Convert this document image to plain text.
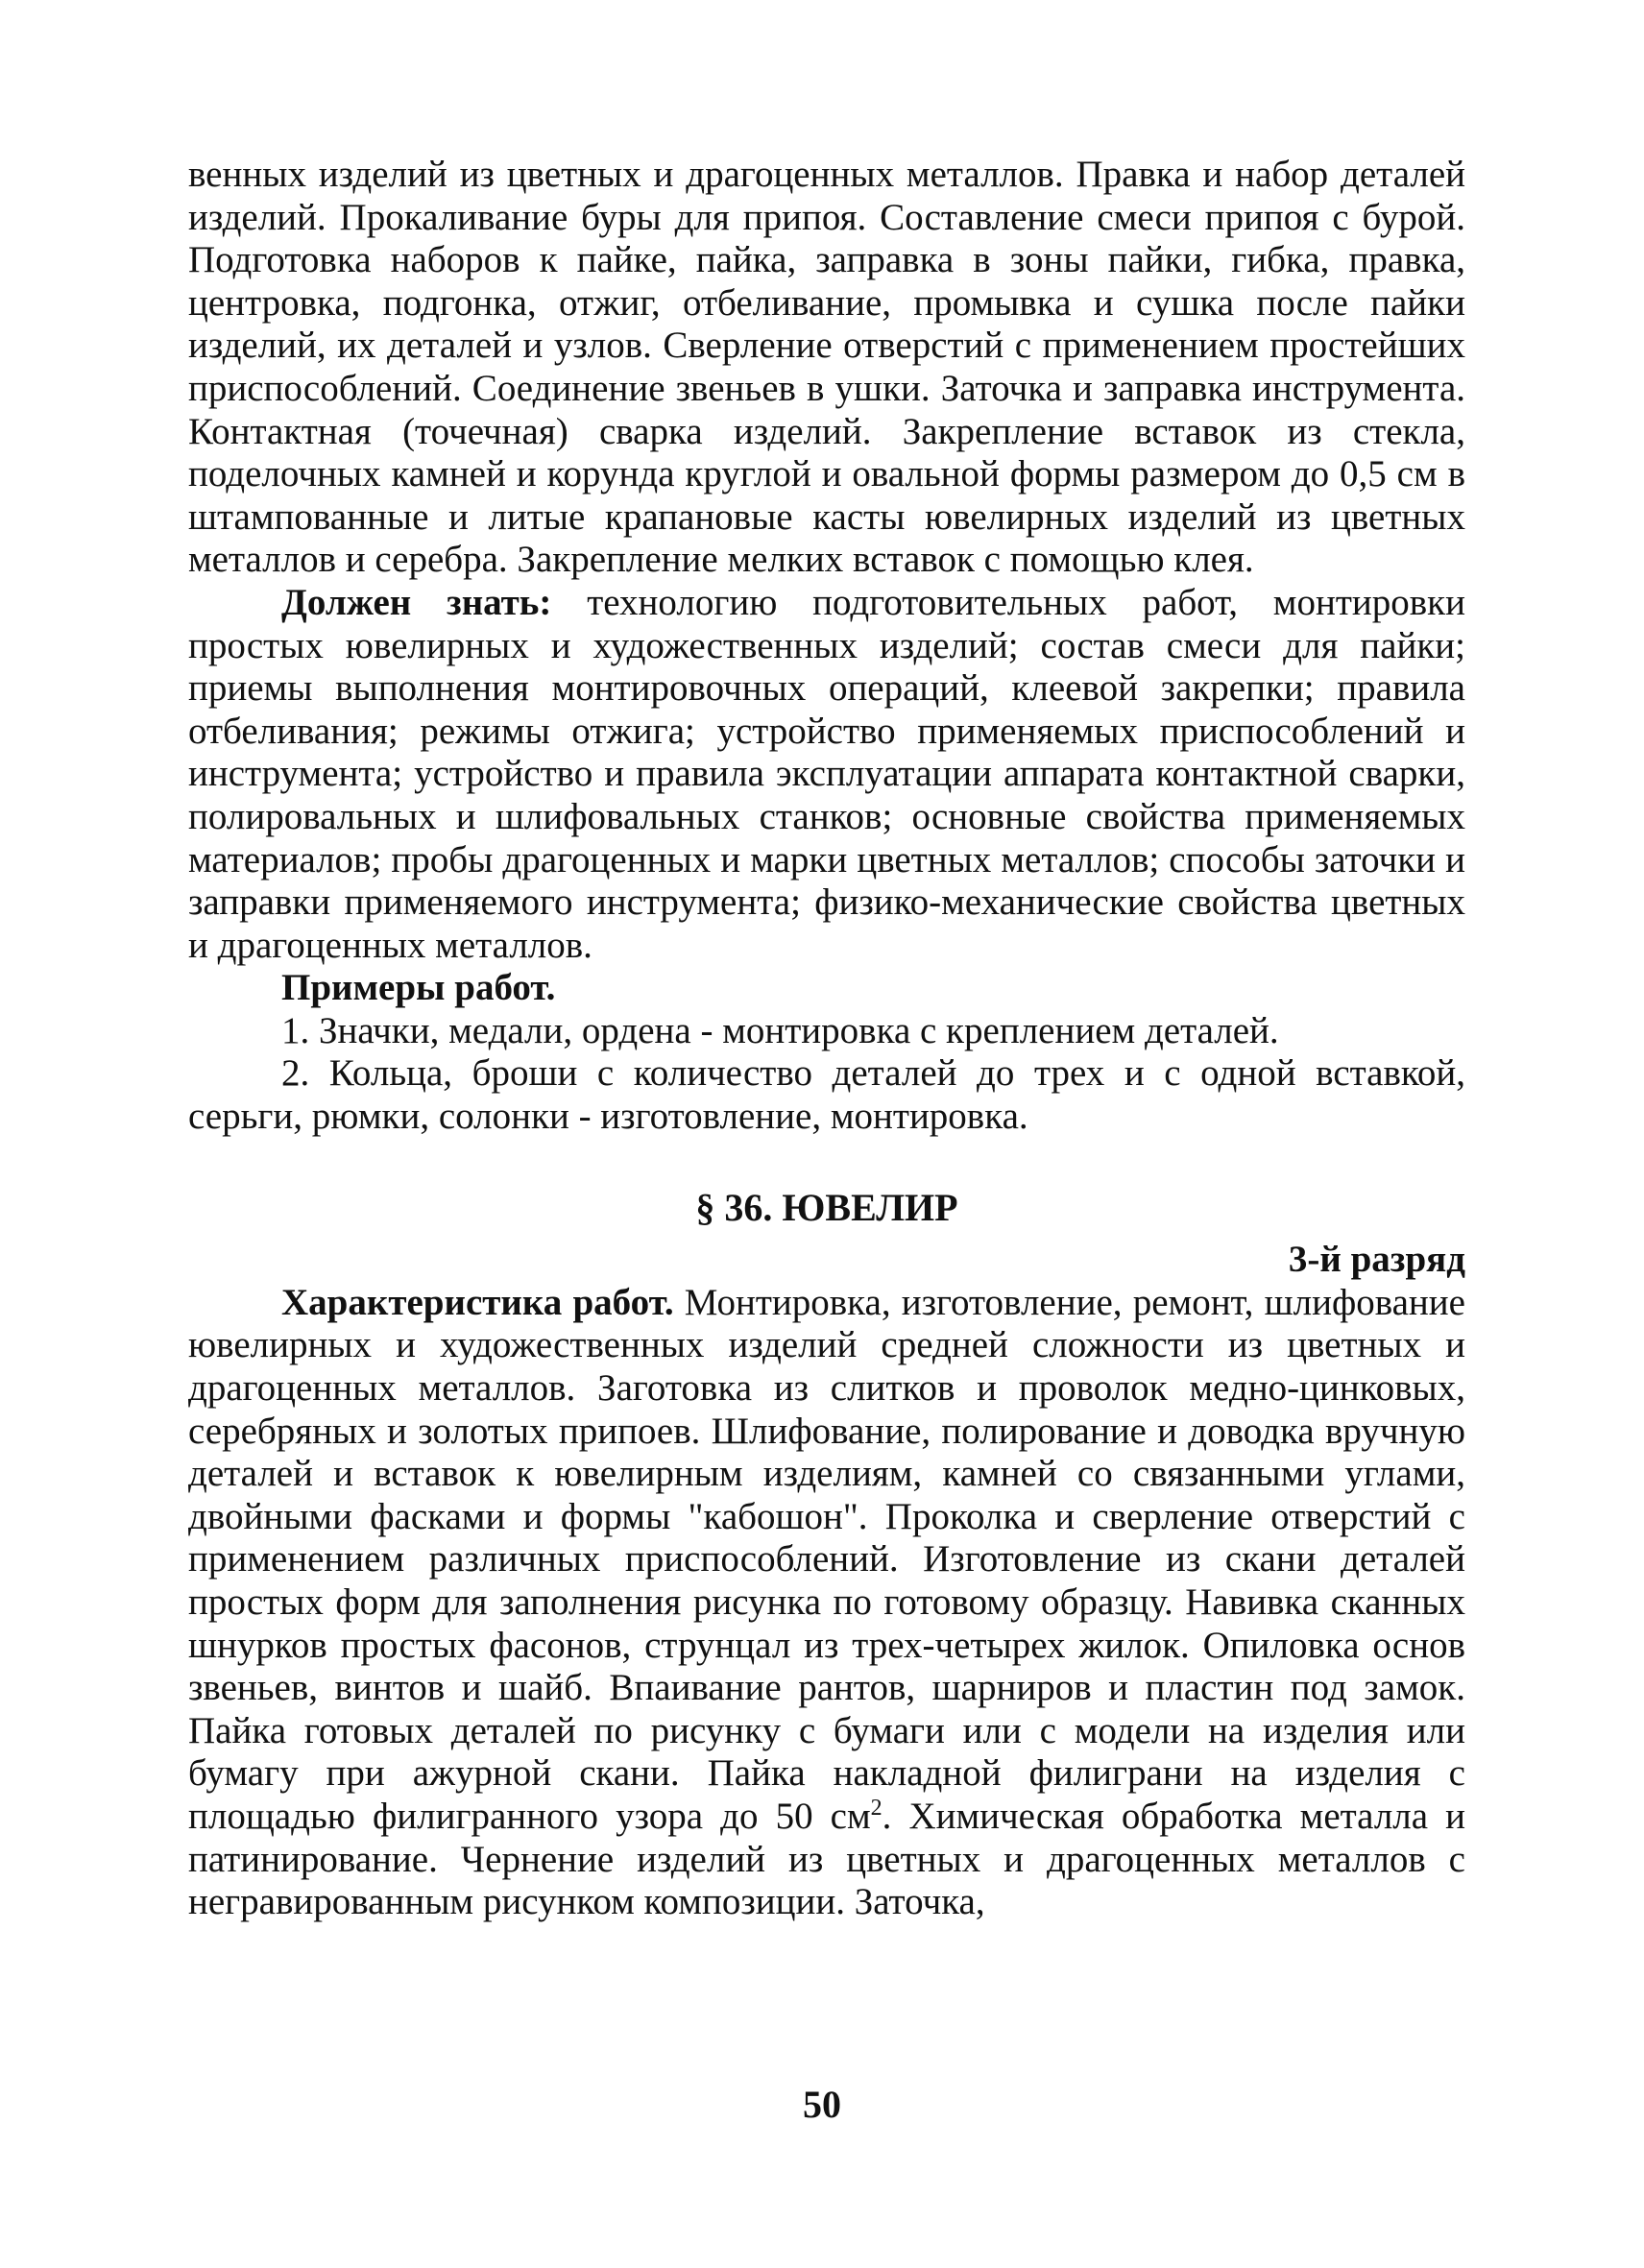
венных изделий из цветных и драгоценных металлов. Правка и набор деталей изделий. Прокаливание буры для припоя. Составление смеси припоя с бурой. Подготовка наборов к пайке, пайка, заправка в зоны пайки, гибка, правка, центровка, подгонка, отжиг, отбеливание, промывка и сушка после пайки изделий, их деталей и узлов. Сверление отверстий с применением простейших приспособлений. Соединение звеньев в ушки. Заточка и заправка инструмента. Контактная (точечная) сварка изделий. Закрепление вставок из стекла, поделочных камней и корунда круглой и овальной формы размером до 0,5 см в штампованные и литые крапановые касты ювелирных изделий из цветных металлов и серебра. Закрепление мелких вставок с помощью клея.

Должен знать: технологию подготовительных работ, монтировки простых ювелирных и художественных изделий; состав смеси для пайки; приемы выполнения монтировочных операций, клеевой закрепки; правила отбеливания; режимы отжига; устройство применяемых приспособлений и инструмента; устройство и правила эксплуатации аппарата контактной сварки, полировальных и шлифовальных станков; основные свойства применяемых материалов; пробы драгоценных и марки цветных металлов; способы заточки и заправки применяемого инструмента; физико-механические свойства цветных и драгоценных металлов.

Примеры работ.

1. Значки, медали, ордена - монтировка с креплением деталей.

2. Кольца, броши с количество деталей до трех и с одной вставкой, серьги, рюмки, солонки - изготовление, монтировка.

§ 36. ЮВЕЛИР

3-й разряд

Характеристика работ. Монтировка, изготовление, ремонт, шлифование ювелирных и художественных изделий средней сложности из цветных и драгоценных металлов. Заготовка из слитков и проволок медно-цинковых, серебряных и золотых припоев. Шлифование, полирование и доводка вручную деталей и вставок к ювелирным изделиям, камней со связанными углами, двойными фасками и формы "кабошон". Проколка и сверление отверстий с применением различных приспособлений. Изготовление из скани деталей простых форм для заполнения рисунка по готовому образцу. Навивка сканных шнурков простых фасонов, струнцал из трех-четырех жилок. Опиловка основ звеньев, винтов и шайб. Впаивание рантов, шарниров и пластин под замок. Пайка готовых деталей по рисунку с бумаги или с модели на изделия или бумагу при ажурной скани. Пайка накладной филиграни на изделия с площадью филигранного узора до 50 $см^2$. Химическая обработка металла и патинирование. Чернение изделий из цветных и драгоценных металлов с негравированным рисунком композиции. Заточка,

50
